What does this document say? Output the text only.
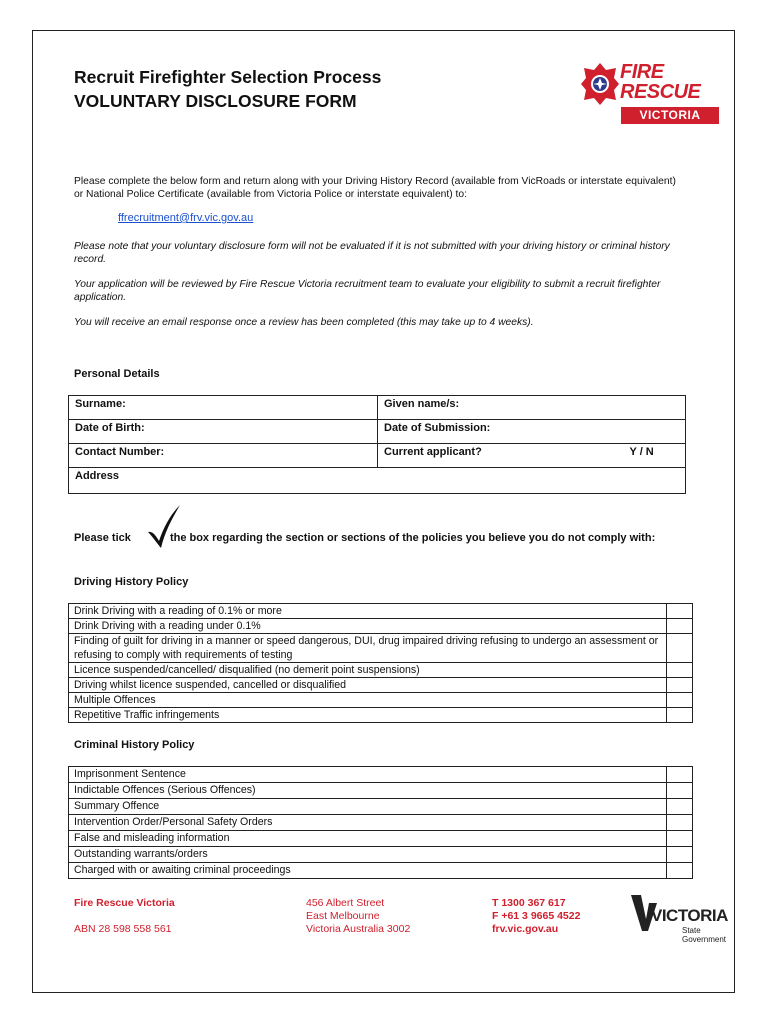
Recruit Firefighter Selection Process
VOLUNTARY DISCLOSURE FORM
FIRE
RESCUE
VICTORIA
Please complete the below form and return along with your Driving History Record (available from VicRoads or interstate equivalent) or National Police Certificate (available from Victoria Police or interstate equivalent) to:
ffrecruitment@frv.vic.gov.au
Please note that your voluntary disclosure form will not be evaluated if it is not submitted with your driving history or criminal history record.
Your application will be reviewed by Fire Rescue Victoria recruitment team to evaluate your eligibility to submit a recruit firefighter application.
You will receive an email response once a review has been completed (this may take up to 4 weeks).
Personal Details
Surname:	Given name/s:
Date of Birth:	Date of Submission:
Contact Number:	Current applicant? Y / N

Address	
Please tick	the box regarding the section or sections of the policies you believe you do not comply with:
Driving History Policy
Drink Driving with a reading of 0.1% or more	
Drink Driving with a reading under 0.1%	
Finding of guilt for driving in a manner or speed dangerous, DUI, drug impaired driving refusing to undergo an assessment or refusing to comply with requirements of testing	
Licence suspended/cancelled/ disqualified (no demerit point suspensions)	
Driving whilst licence suspended, cancelled or disqualified	
Multiple Offences	
Repetitive Traffic infringements	
Criminal History Policy
Imprisonment Sentence	
Indictable Offences (Serious Offences)	
Summary Offence	
Intervention Order/Personal Safety Orders	
False and misleading information	
Outstanding warrants/orders	
Charged with or awaiting criminal proceedings	
Fire Rescue Victoria
ABN 28 598 558 561
456 Albert Street
East Melbourne
Victoria Australia 3002
T 1300 367 617
F +61 3 9665 4522
frv.vic.gov.au
VICTORIA
State
Government
